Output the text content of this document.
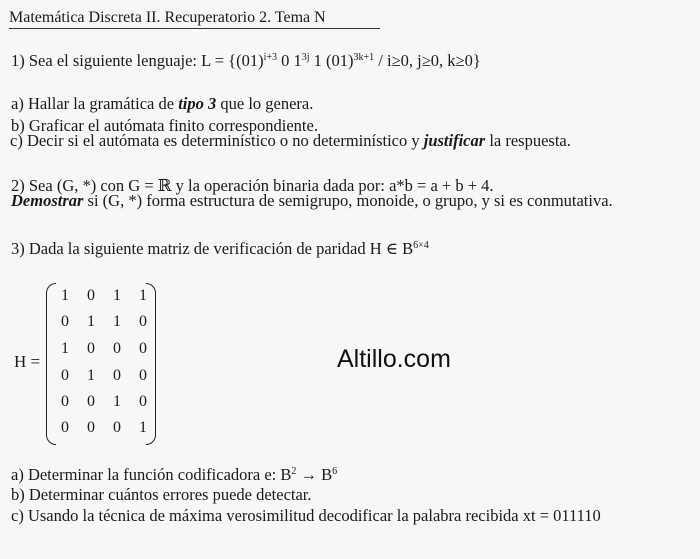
Matemática Discreta II. Recuperatorio 2. Tema N
1) Sea el siguiente lenguaje: $L = \{(01)^{i+3}$ 0 $1^{3j}$ 1 $(01)^{3k+1} / i\ge 0$, j≥0, k≥0}
a) Hallar la gramática de tipo 3 que lo genera.
b) Graficar el autómata finito correspondiente.
c) Decir si el autómata es determinístico o no determinístico y justificar la respuesta.
2) Sea (G, *) con G = ℝ y la operación binaria dada por: a*b = a + b + 4.
Demostrar si (G, *) forma estructura de semigrupo, monoide, o grupo, y si es conmutativa.
3) Dada la siguiente matriz de verificación de paridad H ∈ $B^{6\times 4}$
H =
1 0 1 1
0 1 1 0
1 0 0 0
0 1 0 0
0 0 1 0
0 0 0 1
Altillo.com
a) Determinar la función codificadora e: $B^2 \to B^6$
b) Determinar cuántos errores puede detectar.
c) Usando la técnica de máxima verosimilitud decodificar la palabra recibida xt = 011110
